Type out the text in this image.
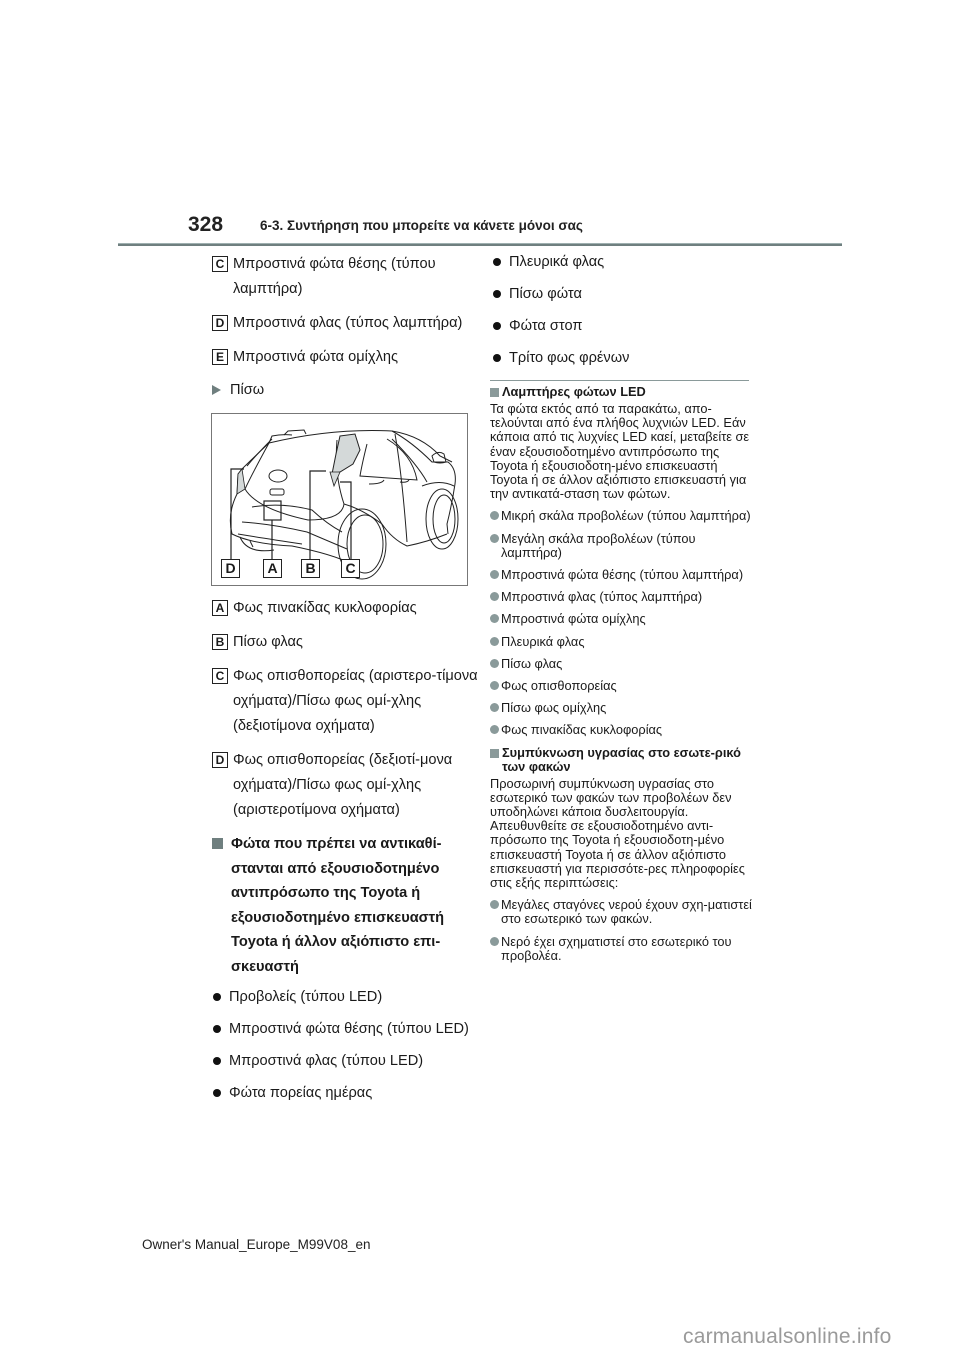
328	6-3. Συντήρηση που μπορείτε να κάνετε μόνοι σας
C Μπροστινά φώτα θέσης (τύπου λαμπτήρα)
D Μπροστινά φλας (τύπος λαμπτήρα)
E Μπροστινά φώτα ομίχλης
Πίσω
D	A	B	C
A Φως πινακίδας κυκλοφορίας
B Πίσω φλας
C Φως οπισθοπορείας (αριστερο-τίμονα οχήματα)/Πίσω φως ομί-χλης (δεξιοτίμονα οχήματα)
D Φως οπισθοπορείας (δεξιοτί-μονα οχήματα)/Πίσω φως ομί-χλης (αριστεροτίμονα οχήματα)
Φώτα που πρέπει να αντικαθί-στανται από εξουσιοδοτημένο αντιπρόσωπο της Toyota ή εξουσιοδοτημένο επισκευαστή Toyota ή άλλον αξιόπιστο επι-σκευαστή
Προβολείς (τύπου LED)
Μπροστινά φώτα θέσης (τύπου LED)
Μπροστινά φλας (τύπου LED)
Φώτα πορείας ημέρας
Πλευρικά φλας
Πίσω φώτα
Φώτα στοπ
Τρίτο φως φρένων
Λαμπτήρες φώτων LED
Τα φώτα εκτός από τα παρακάτω, απο-τελούνται από ένα πλήθος λυχνιών LED. Εάν κάποια από τις λυχνίες LED καεί, μεταβείτε σε έναν εξουσιοδοτημένο αντιπρόσωπο της Toyota ή εξουσιοδοτη-μένο επισκευαστή Toyota ή σε άλλον αξιόπιστο επισκευαστή για την αντικατά-σταση των φώτων.
Μικρή σκάλα προβολέων (τύπου λαμπτήρα)
Μεγάλη σκάλα προβολέων (τύπου λαμπτήρα)
Μπροστινά φώτα θέσης (τύπου λαμπτήρα)
Μπροστινά φλας (τύπος λαμπτήρα)
Μπροστινά φώτα ομίχλης
Πλευρικά φλας
Πίσω φλας
Φως οπισθοπορείας
Πίσω φως ομίχλης
Φως πινακίδας κυκλοφορίας
Συμπύκνωση υγρασίας στο εσωτε-ρικό των φακών
Προσωρινή συμπύκνωση υγρασίας στο εσωτερικό των φακών των προβολέων δεν υποδηλώνει κάποια δυσλειτουργία. Απευθυνθείτε σε εξουσιοδοτημένο αντι-πρόσωπο της Toyota ή εξουσιοδοτη-μένο επισκευαστή Toyota ή σε άλλον αξιόπιστο επισκευαστή για περισσότε-ρες πληροφορίες στις εξής περιπτώσεις:
Μεγάλες σταγόνες νερού έχουν σχη-ματιστεί στο εσωτερικό των φακών.
Νερό έχει σχηματιστεί στο εσωτερικό του προβολέα.
Owner's Manual_Europe_M99V08_en
carmanualsonline.info
